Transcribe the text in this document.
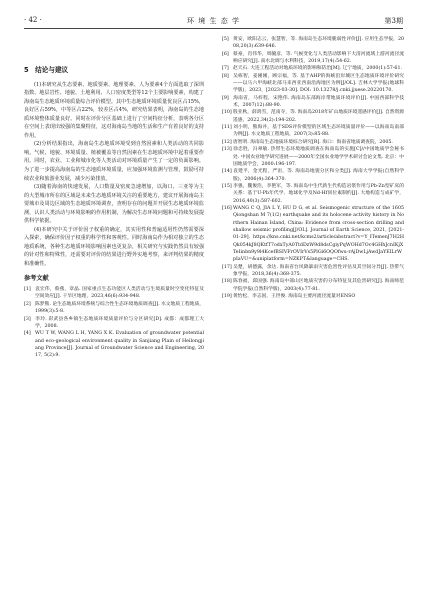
· 42 ·	环 境 生 态 学	第3期
5　结论与建议

(1)本研究从生态要素、地质要素、地理要素、人为要素4个方面选取了深圳指数、地层岩性、地貌、土地利用、人口密度类型等12个主要影响要素，构建了海南岛生态地质环境质量综合评价模型。其中生态地质环境质量优良区占15%，良好区占59%，中等区占22%，较差区占4%，研究结果表明，海南岛的生态地质环境整体质量良好。同时在评价分区基础上进行了空间特征分析，表明各分区在空间上表现出较强的集聚特征，这对海南岛当地的生活和生产有着良好的支持作用。

(2)分析结果指出，海南岛生态地质环境受到自然因素和人类活动的共同影响。气候、地貌、环境质量、植被覆盖等自然因素在生态地质环境中起着重要作用。同时，农业、工业和城市化等人类活动对环境质量产生了一定的负面影响。为了进一步提高海南岛的生态地质环境质量，应加强环境监测与管理，鼓励可持续农业和旅游业发展，减少污染排放。

(3)随着海南的快速发展，人口数量及密度急速增加，以海口、三亚等为主的大型城市所在的区域是未来生态地质环境关注的重要地方，建议开展海南岛主要城市及周边区域的生态地质环境调查，查明存在的问题并开展生态地质环境监测，认识人类活动与环境影响的作用机制，为解决生态环境问题和可持续发展提供科学依据。

(4)本研究中关于评价因子权重的确定，其实用性和普遍适用性仍然需要深入探索，确保评价因子权重的科学性和客观性。同时海南岛作为相对独立的生态地质系统，各种生态地质环境影响因素也更复杂，相关研究与实践仍然具有较强的针对性和特殊性，还需要对评价的结果进行野外实地考察，来评判结果的精度和准确性。

参考文献
[1] 袁宏伟，蔡燕，章晶. 国家重点生态功能区人类活动与生境质量时空变化特征及空间效应[J]. 干旱区地理，2023,46(6):934-948.
[2] 陈梦熊. 论生态地质环境系统与综合性生态环境地质调查[J]. 水文地质工程地质，1999(3):5-8.
[3] 李玲. 彩武县各乡镇生态地质环境质量评价与分区研究[D]. 成都：成都理工大学，2008.
[4] WU T W, WANG L H, YANG X K. Evaluation of groundwater potential and eco-geological environment quality in Sanjiang Plain of Heilongjiang Province[J]. Journal of Groundwater Science and Engineering, 2017, 5(2):9.
[5] 黄安，欧阳志云，张慧智，等. 海南岛生态环境脆弱性评价[J]. 应用生态学报，2008,20(3):639-646.
[6] 蔡豪，肖伟华，周毓彦，等. 气候变化与人类活动影响下大清河流域上游河流径流响应研究[J]. 南水北调与水利科技，2019,17(4):54-62.
[7] 赵天石. 大连工程活动对地质环境的影响和防治[M]. 辽宁地质，2000(1):57-61.
[8] 吴栋智，姜刚刚，顾宗福，等. 基于AHP的海峡沿岸城区生态地质环境评价研究——以马六甲海峡北部马来西亚西南沿海地区为例[J/OL]. 吉林大学学报(地球科学版)，2023，[2023-03-30]. DOI: 10.13278/j.cnki.jjuese.20220170.
[9] 海南省，马梓程，宋艳伟. 海南岛东部海岸带地质环境评价[J]. 中国西部科学技术，2007(12):88-90.
[10]殷亚秋，薛鸿雪，范南寺，等. 海南岛2018年矿山地质环境遥感评价[J]. 自然资源遥感，2022,34(2):194-202.
[11]刘小明，熊海井，基于SDS评价模型的区域生态环境质量评价——以海南岛南部为例[J]. 水文地质工程地质，2007(3):85-88.
[12]唐智明. 海南岛生态地质环境综合研究[R]. 海口：海南省地质调查院，2005.
[13]徐忠胜，冯翠敏. 热带生态环境地质调查在海南岛的实施[C]//中国地质学会秘书处. 中国农业地学研究进展——2000年全国农业地学学术研讨会论文集. 北京：中国地质学会，2000:196-197.
[14]袁建平，金光程，严宙，等. 海南岛地貌分区和分类[J]. 海南大学学报(自然科学版)，2006(4):364-370.
[15]李强，魏俊浩，李艳军，等. 海南岛中生代新生代构造岩浆作用与Pb-Zn型矿床的关系：基于U-Pb年代学、地球化学及Nd-Hf同位素制约[J]. 大地构造与成矿学，2016,40(3):587-602.
[16]WANG C Q, JIA L Y, HU D G, et al. Seismogenic structure of the 1605 Qiongshan M 7(1/2) earthquake and its holocene activity history in Northern Hainan Island, China: Evidence from cross-section drilling and shallow seismic profiling[J/OL]. Journal of Earth Science, 2021, [2021-01-29]. https://kns.cnki.net/kcms2/article/abstract?v=Y_ITemenJ7H2HQk054kJ8QKtfT7odxTyA0TtdDzW9d8dsCgiyPqWOHd7Oc4GHhJcnIKjXTeIinbn9y9l4KcefBSIVFrOVIrVs5PlGi6OQOfwu-rAjDwLjAwdJaYEILrWpIaVU=&uniplatform=NZKPT&language=CHS.
[17]吴楚，胡德露，余达. 海南省台风降暴雨灾害危害性评估及其空间分异[J]. 热带气象学报，2018,36(4):368-375.
[18]陈春福，邱国强. 海南岛中部山区地质灾害的分布特征及其危害研究[J]. 海南师范学院学报(自然科学版)，2003(4):77-81.
[19]黄怡松，李志国，王世俊. 海南岛主要河流径流量对ENSO
